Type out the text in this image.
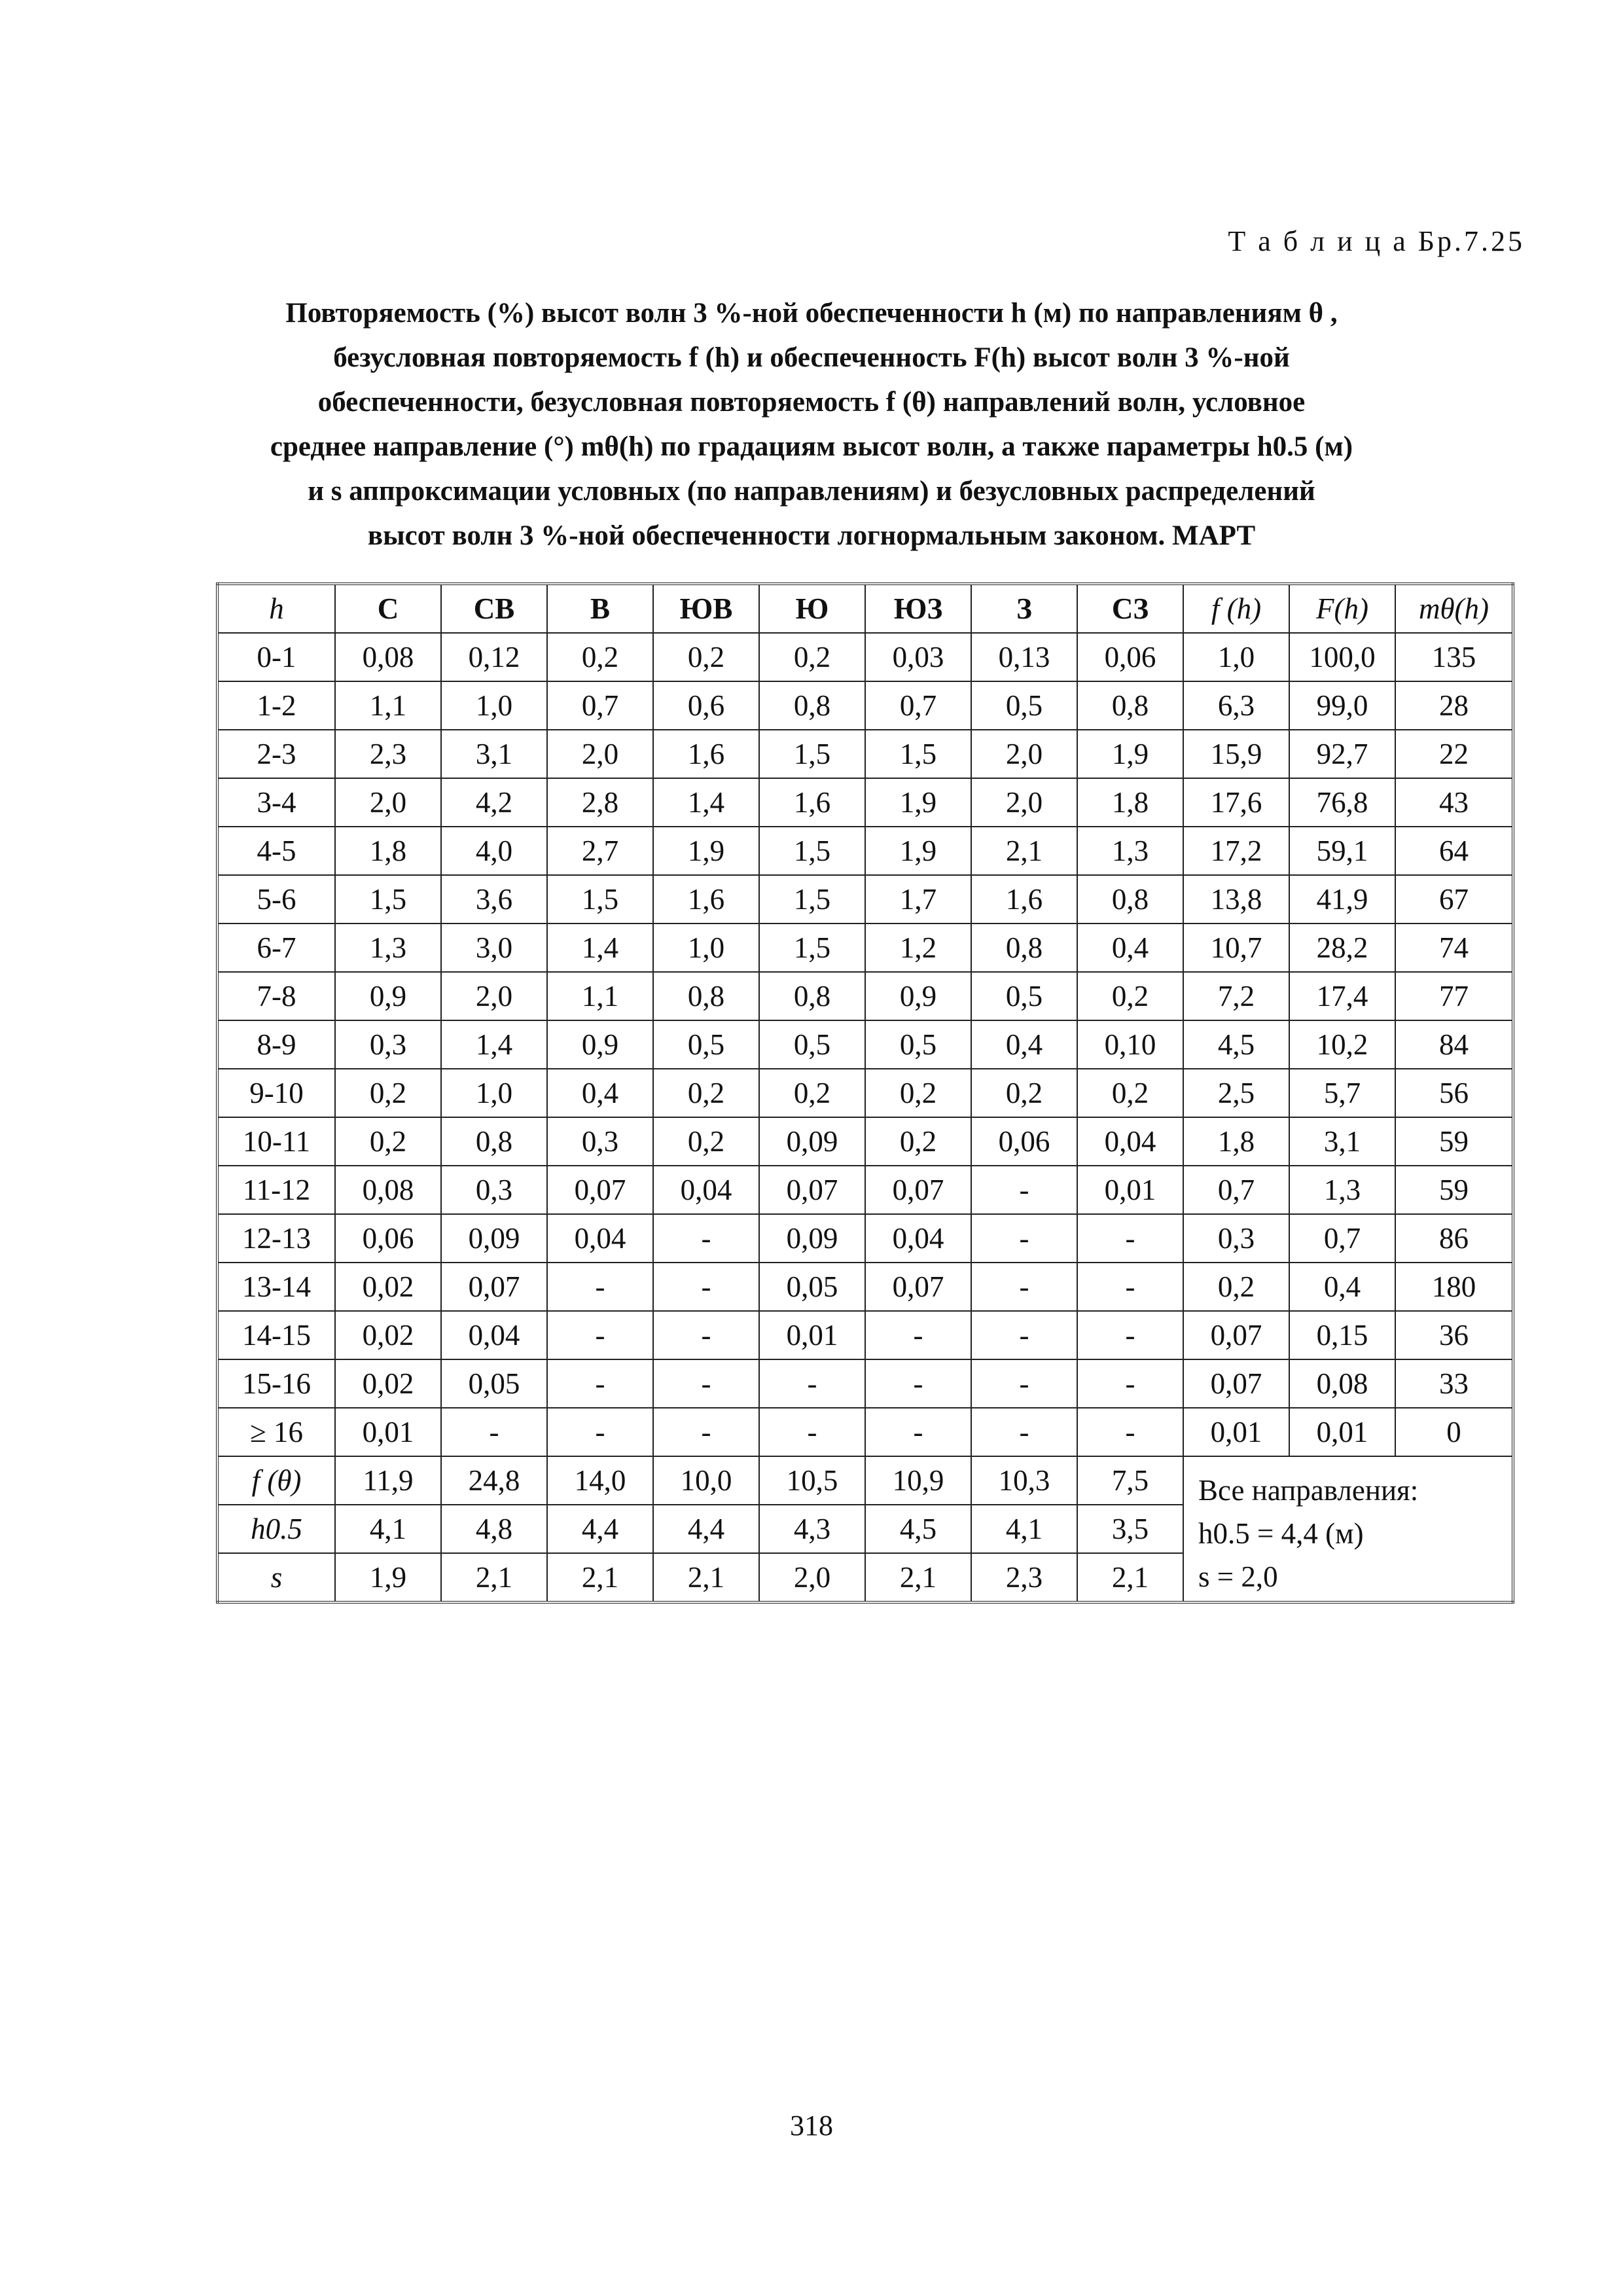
Т а б л и ц а Бр.7.25
Повторяемость (%) высот волн 3 %-ной обеспеченности h (м) по направлениям θ ,
безусловная повторяемость f (h) и обеспеченность F(h) высот волн 3 %-ной
обеспеченности, безусловная повторяемость f (θ) направлений волн, условное
среднее направление (°) mθ(h) по градациям высот волн, а также параметры h0.5 (м)
и s аппроксимации условных (по направлениям) и безусловных распределений
высот волн 3 %-ной обеспеченности логнормальным законом. МАРТ
h	С	СВ	В	ЮВ	Ю	ЮЗ	З	СЗ	f (h)	F(h)	mθ(h)
0-1	0,08	0,12	0,2	0,2	0,2	0,03	0,13	0,06	1,0	100,0	135
1-2	1,1	1,0	0,7	0,6	0,8	0,7	0,5	0,8	6,3	99,0	28
2-3	2,3	3,1	2,0	1,6	1,5	1,5	2,0	1,9	15,9	92,7	22
3-4	2,0	4,2	2,8	1,4	1,6	1,9	2,0	1,8	17,6	76,8	43
4-5	1,8	4,0	2,7	1,9	1,5	1,9	2,1	1,3	17,2	59,1	64
5-6	1,5	3,6	1,5	1,6	1,5	1,7	1,6	0,8	13,8	41,9	67
6-7	1,3	3,0	1,4	1,0	1,5	1,2	0,8	0,4	10,7	28,2	74
7-8	0,9	2,0	1,1	0,8	0,8	0,9	0,5	0,2	7,2	17,4	77
8-9	0,3	1,4	0,9	0,5	0,5	0,5	0,4	0,10	4,5	10,2	84
9-10	0,2	1,0	0,4	0,2	0,2	0,2	0,2	0,2	2,5	5,7	56
10-11	0,2	0,8	0,3	0,2	0,09	0,2	0,06	0,04	1,8	3,1	59
11-12	0,08	0,3	0,07	0,04	0,07	0,07	-	0,01	0,7	1,3	59
12-13	0,06	0,09	0,04	-	0,09	0,04	-	-	0,3	0,7	86
13-14	0,02	0,07	-	-	0,05	0,07	-	-	0,2	0,4	180
14-15	0,02	0,04	-	-	0,01	-	-	-	0,07	0,15	36
15-16	0,02	0,05	-	-	-	-	-	-	0,07	0,08	33
≥ 16	0,01	-	-	-	-	-	-	-	0,01	0,01	0
f (θ)	11,9	24,8	14,0	10,0	10,5	10,9	10,3	7,5	Все направления:
h0.5 = 4,4 (м)
s = 2,0		

h0.5	4,1	4,8	4,4	4,4	4,3	4,5	4,1	3,5			
s	1,9	2,1	2,1	2,1	2,0	2,1	2,3	2,1			
318
